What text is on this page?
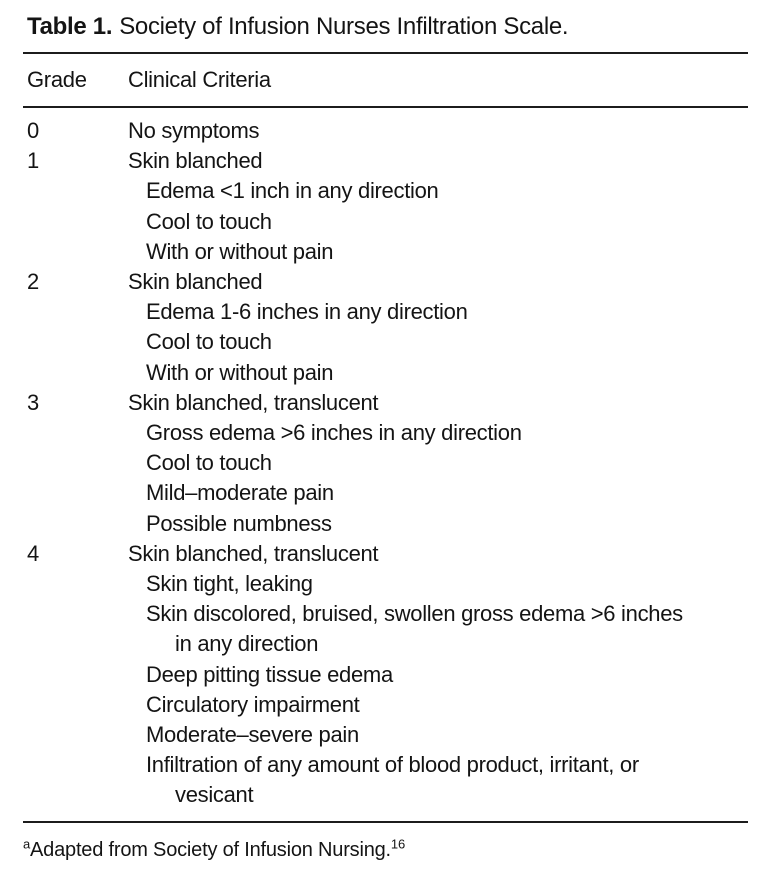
Table 1. Society of Infusion Nurses Infiltration Scale.
Grade	Clinical Criteria
0	No symptoms
1	Skin blanched
Edema <1 inch in any direction
Cool to touch
With or without pain
2	Skin blanched
Edema 1-6 inches in any direction
Cool to touch
With or without pain
3	Skin blanched, translucent
Gross edema >6 inches in any direction
Cool to touch
Mild–moderate pain
Possible numbness
4	Skin blanched, translucent
Skin tight, leaking
Skin discolored, bruised, swollen gross edema >6 inches
in any direction
Deep pitting tissue edema
Circulatory impairment
Moderate–severe pain
Infiltration of any amount of blood product, irritant, or
vesicant
$^a$Adapted from Society of Infusion Nursing.$^{16}$
